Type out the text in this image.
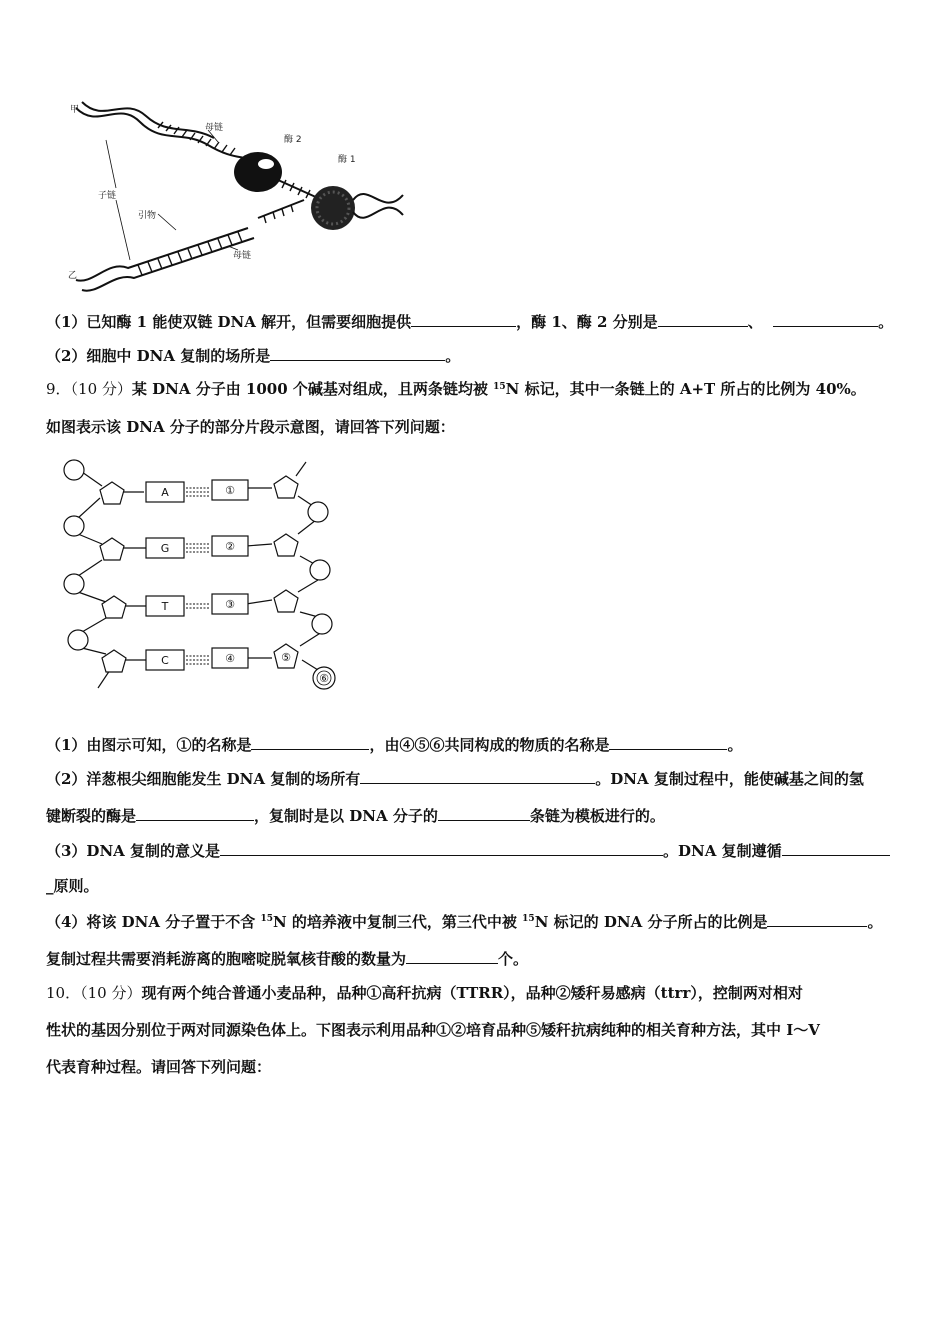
甲
乙
母链
母链
子链
引物
酶 1
酶 2
（1）已知酶 1 能使双链 DNA 解开，但需要细胞提供	，酶 1、酶 2 分别是	、	。
（2）细胞中 DNA 复制的场所是	。
9．（10 分）某 DNA 分子由 1000 个碱基对组成，且两条链均被 $^{15}$N 标记，其中一条链上的 A+T 所占的比例为 40%。
如图表示该 DNA 分子的部分片段示意图，请回答下列问题：
A
G
T
C
①
②
③
④	⑤
⑥
（1）由图示可知，①的名称是	，由④⑤⑥共同构成的物质的名称是	。
（2）洋葱根尖细胞能发生 DNA 复制的场所有	。DNA 复制过程中，能使碱基之间的氢
键断裂的酶是	，复制时是以 DNA 分子的	条链为模板进行的。
（3）DNA 复制的意义是	。DNA 复制遵循
_原则。
（4）将该 DNA 分子置于不含 $^{15}$N 的培养液中复制三代，第三代中被 $^{15}$N 标记的 DNA 分子所占的比例是	。
复制过程共需要消耗游离的胞嘧啶脱氧核苷酸的数量为	个。
10．（10 分）现有两个纯合普通小麦品种，品种①高秆抗病（TTRR），品种②矮秆易感病（ttrr），控制两对相对
性状的基因分别位于两对同源染色体上。下图表示利用品种①②培育品种⑤矮秆抗病纯种的相关育种方法，其中 I～V
代表育种过程。请回答下列问题：
